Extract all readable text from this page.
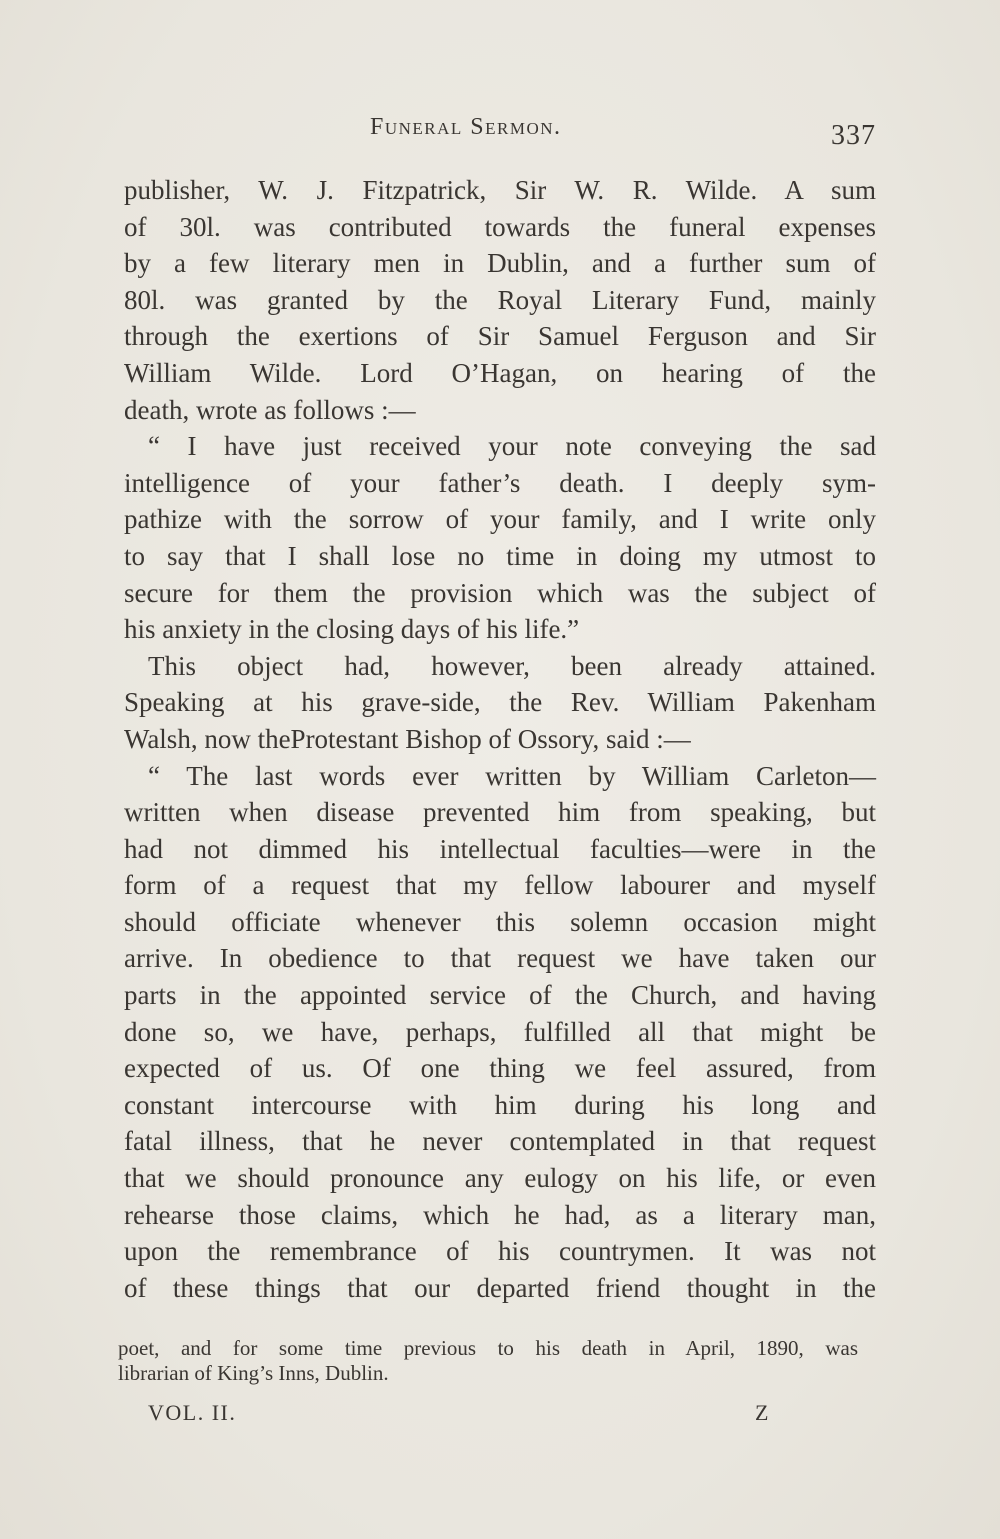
Funeral Sermon.	337
publisher, W. J. Fitzpatrick, Sir W. R. Wilde. A sum
of 30l. was contributed towards the funeral expenses
by a few literary men in Dublin, and a further sum of
80l. was granted by the Royal Literary Fund, mainly
through the exertions of Sir Samuel Ferguson and Sir
William Wilde. Lord O’Hagan, on hearing of the
death, wrote as follows :—
“ I have just received your note conveying the sad
intelligence of your father’s death. I deeply sym-
pathize with the sorrow of your family, and I write only
to say that I shall lose no time in doing my utmost to
secure for them the provision which was the subject of
his anxiety in the closing days of his life.”
This object had, however, been already attained.
Speaking at his grave-side, the Rev. William Pakenham
Walsh, now theProtestant Bishop of Ossory, said :—
“ The last words ever written by William Carleton—
written when disease prevented him from speaking, but
had not dimmed his intellectual faculties—were in the
form of a request that my fellow labourer and myself
should officiate whenever this solemn occasion might
arrive. In obedience to that request we have taken our
parts in the appointed service of the Church, and having
done so, we have, perhaps, fulfilled all that might be
expected of us. Of one thing we feel assured, from
constant intercourse with him during his long and
fatal illness, that he never contemplated in that request
that we should pronounce any eulogy on his life, or even
rehearse those claims, which he had, as a literary man,
upon the remembrance of his countrymen. It was not
of these things that our departed friend thought in the
poet, and for some time previous to his death in April, 1890, was
librarian of King’s Inns, Dublin.
VOL. II.	Z
